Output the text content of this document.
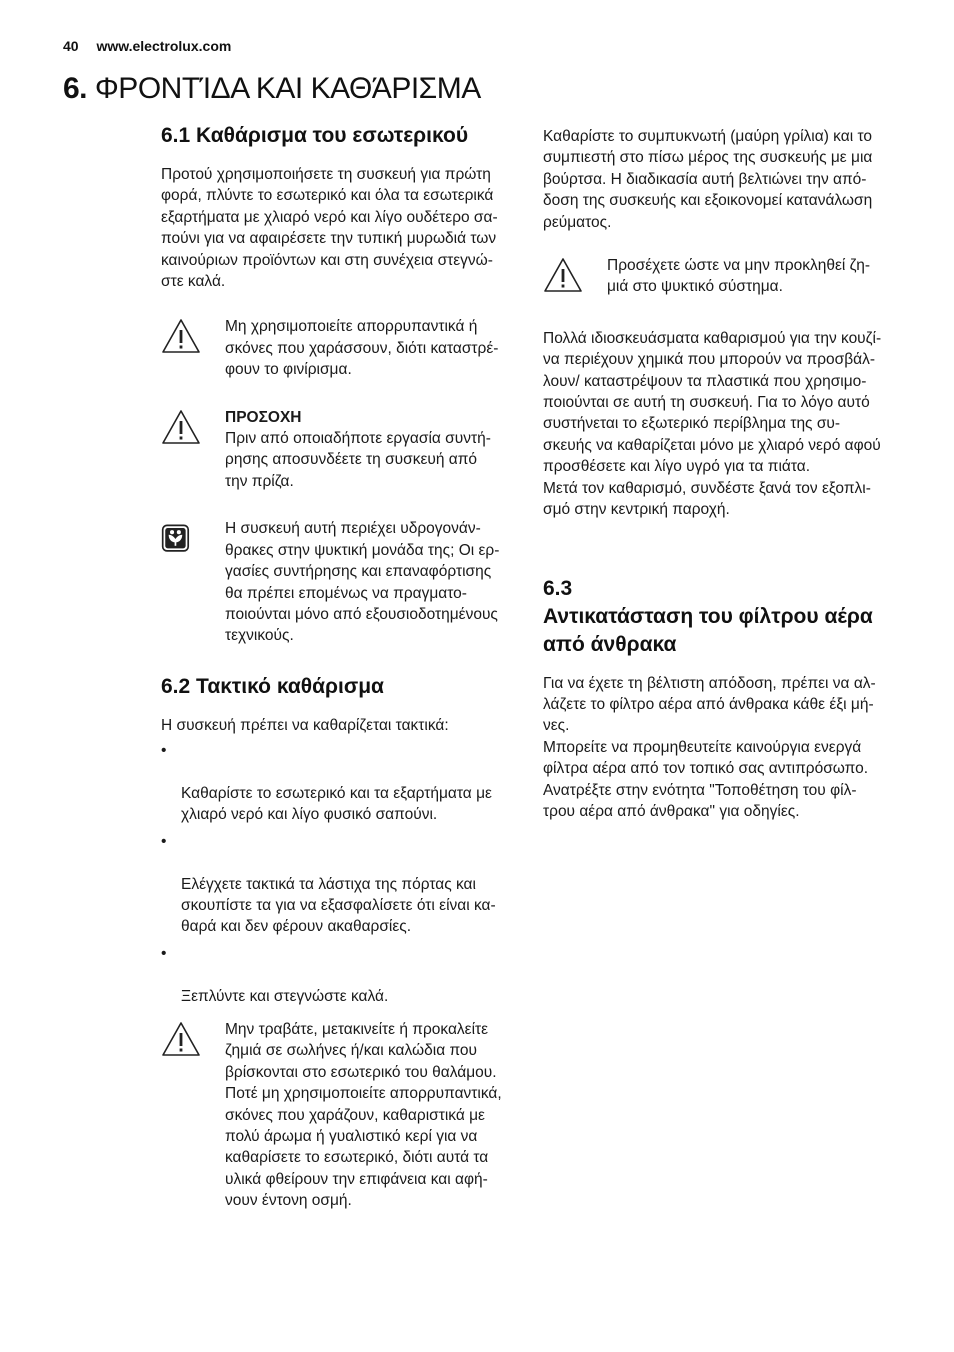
40 www.electrolux.com
6. ΦΡΟΝΤΊΔΑ ΚΑΙ ΚΑΘΆΡΙΣΜΑ
6.1 Καθάρισμα του εσωτερικού

Προτού χρησιμοποιήσετε τη συσκευή για πρώτη
φορά, πλύντε το εσωτερικό και όλα τα εσωτερικά
εξαρτήματα με χλιαρό νερό και λίγο ουδέτερο σα-
πούνι για να αφαιρέσετε την τυπική μυρωδιά των
καινούριων προϊόντων και στη συνέχεια στεγνώ-
στε καλά.

Μη χρησιμοποιείτε απορρυπαντικά ή
σκόνες που χαράσσουν, διότι καταστρέ-
φουν το φινίρισμα.

ΠΡΟΣΟΧΗ

Πριν από οποιαδήποτε εργασία συντή-
ρησης αποσυνδέετε τη συσκευή από
την πρίζα.

Η συσκευή αυτή περιέχει υδρογονάν-
θρακες στην ψυκτική μονάδα της; Οι ερ-
γασίες συντήρησης και επαναφόρτισης
θα πρέπει επομένως να πραγματο-
ποιούνται μόνο από εξουσιοδοτημένους
τεχνικούς.

6.2 Τακτικό καθάρισμα

Η συσκευή πρέπει να καθαρίζεται τακτικά:

•

Καθαρίστε το εσωτερικό και τα εξαρτήματα με
χλιαρό νερό και λίγο φυσικό σαπούνι.

•

Ελέγχετε τακτικά τα λάστιχα της πόρτας και
σκουπίστε τα για να εξασφαλίσετε ότι είναι κα-
θαρά και δεν φέρουν ακαθαρσίες.

•

Ξεπλύντε και στεγνώστε καλά.

Μην τραβάτε, μετακινείτε ή προκαλείτε
ζημιά σε σωλήνες ή/και καλώδια που
βρίσκονται στο εσωτερικό του θαλάμου.
Ποτέ μη χρησιμοποιείτε απορρυπαντικά,
σκόνες που χαράζουν, καθαριστικά με
πολύ άρωμα ή γυαλιστικό κερί για να
καθαρίσετε το εσωτερικό, διότι αυτά τα
υλικά φθείρουν την επιφάνεια και αφή-
νουν έντονη οσμή.

Καθαρίστε το συμπυκνωτή (μαύρη γρίλια) και το
συμπιεστή στο πίσω μέρος της συσκευής με μια
βούρτσα. Η διαδικασία αυτή βελτιώνει την από-
δοση της συσκευής και εξοικονομεί κατανάλωση
ρεύματος.

Προσέχετε ώστε να μην προκληθεί ζη-
μιά στο ψυκτικό σύστημα.

Πολλά ιδιοσκευάσματα καθαρισμού για την κουζί-
να περιέχουν χημικά που μπορούν να προσβάλ-
λουν/ καταστρέψουν τα πλαστικά που χρησιμο-
ποιούνται σε αυτή τη συσκευή. Για το λόγο αυτό
συστήνεται το εξωτερικό περίβλημα της συ-
σκευής να καθαρίζεται μόνο με χλιαρό νερό αφού
προσθέσετε και λίγο υγρό για τα πιάτα.
Μετά τον καθαρισμό, συνδέστε ξανά τον εξοπλι-
σμό στην κεντρική παροχή.

6.3
Αντικατάσταση του φίλτρου αέρα
από άνθρακα

Για να έχετε τη βέλτιστη απόδοση, πρέπει να αλ-
λάζετε το φίλτρο αέρα από άνθρακα κάθε έξι μή-
νες.
Μπορείτε να προμηθευτείτε καινούργια ενεργά
φίλτρα αέρα από τον τοπικό σας αντιπρόσωπο.
Ανατρέξτε στην ενότητα "Τοποθέτηση του φίλ-
τρου αέρα από άνθρακα" για οδηγίες.
